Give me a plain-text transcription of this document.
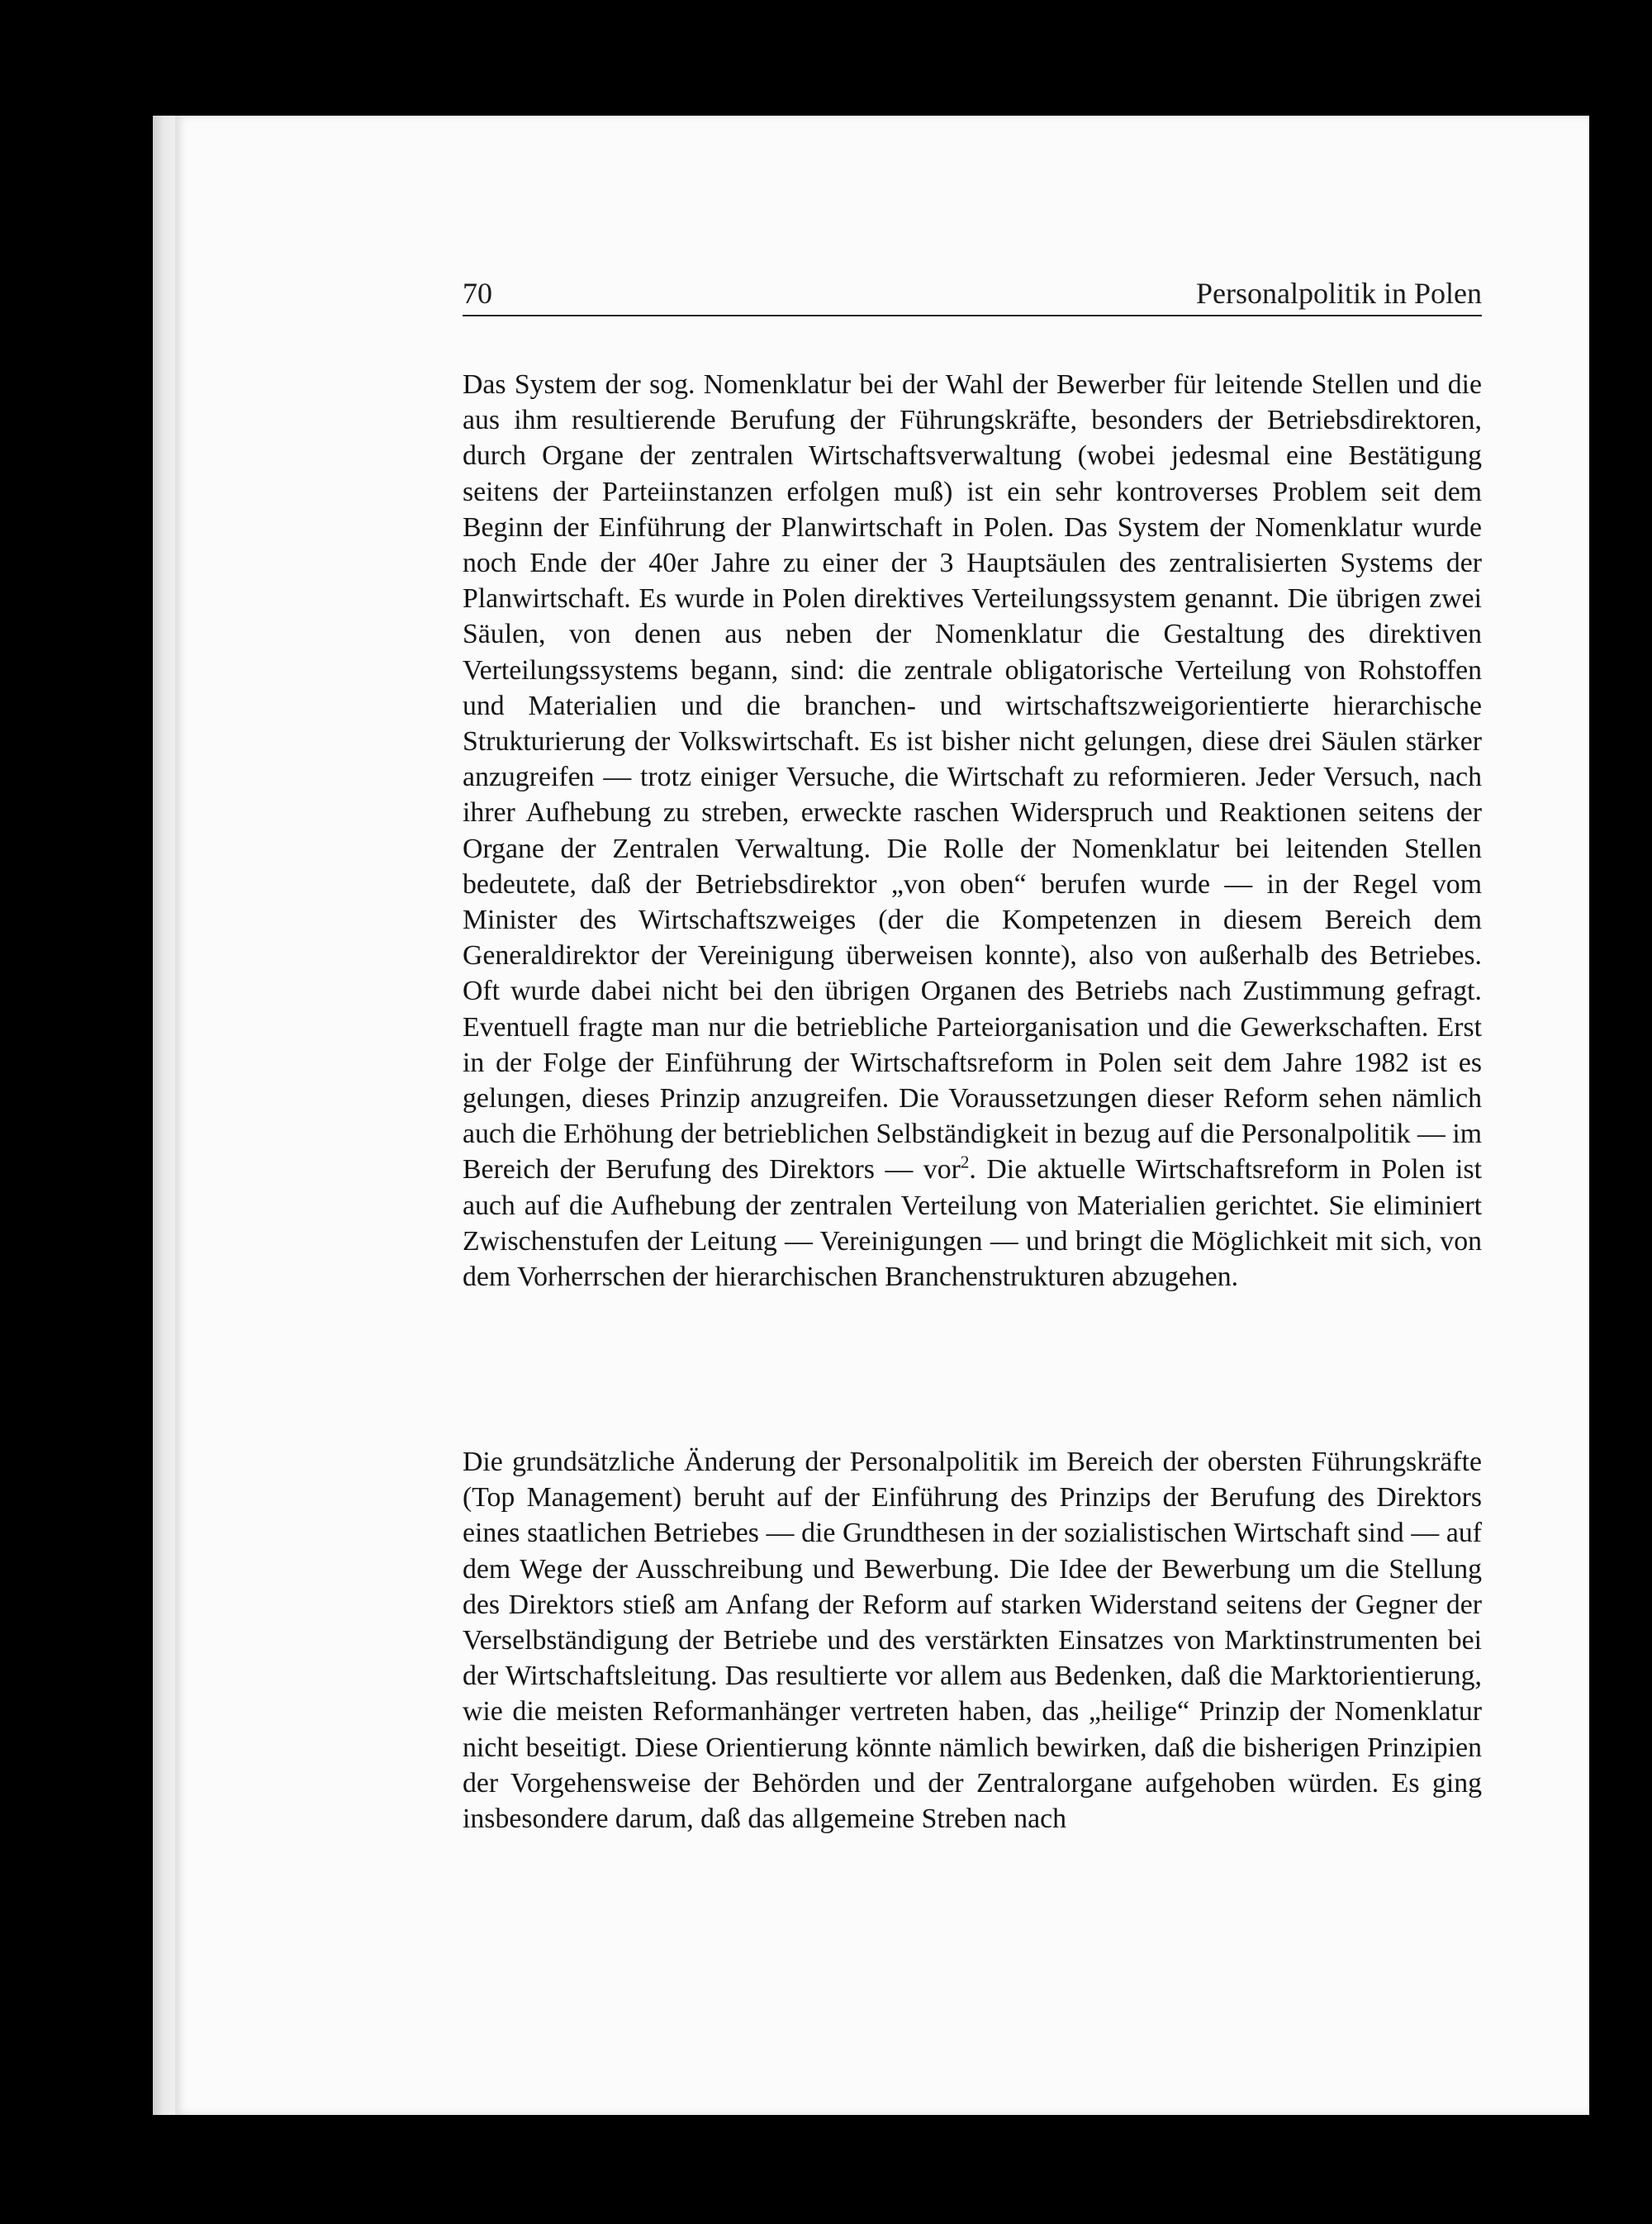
70	Personalpolitik in Polen

Das System der sog. Nomenklatur bei der Wahl der Bewerber für leitende Stellen und die aus ihm resultierende Berufung der Führungskräfte, besonders der Betriebsdirektoren, durch Organe der zentralen Wirtschaftsverwaltung (wobei jedesmal eine Bestätigung seitens der Parteiinstanzen erfolgen muß) ist ein sehr kontroverses Problem seit dem Beginn der Einführung der Planwirtschaft in Polen. Das System der Nomenklatur wurde noch Ende der 40er Jahre zu einer der 3 Hauptsäulen des zentralisierten Systems der Planwirtschaft. Es wurde in Polen direktives Verteilungssystem genannt. Die übrigen zwei Säulen, von denen aus neben der Nomenklatur die Gestaltung des direktiven Verteilungssystems begann, sind: die zentrale obligatorische Verteilung von Rohstoffen und Materialien und die branchen- und wirtschaftszweigorientierte hierarchische Strukturierung der Volkswirtschaft. Es ist bisher nicht gelungen, diese drei Säulen stärker anzugreifen — trotz einiger Versuche, die Wirtschaft zu reformieren. Jeder Versuch, nach ihrer Aufhebung zu streben, erweckte raschen Widerspruch und Reaktionen seitens der Organe der Zentralen Verwaltung. Die Rolle der Nomenklatur bei leitenden Stellen bedeutete, daß der Betriebsdirektor „von oben“ berufen wurde — in der Regel vom Minister des Wirtschaftszweiges (der die Kompetenzen in diesem Bereich dem Generaldirektor der Vereinigung überweisen konnte), also von außerhalb des Betriebes. Oft wurde dabei nicht bei den übrigen Organen des Betriebs nach Zustimmung gefragt. Eventuell fragte man nur die betriebliche Parteiorganisation und die Gewerkschaften. Erst in der Folge der Einführung der Wirtschaftsreform in Polen seit dem Jahre 1982 ist es gelungen, dieses Prinzip anzugreifen. Die Voraussetzungen dieser Reform sehen nämlich auch die Erhöhung der betrieblichen Selbständigkeit in bezug auf die Personalpolitik — im Bereich der Berufung des Direktors — vor$^2$. Die aktuelle Wirtschaftsreform in Polen ist auch auf die Aufhebung der zentralen Verteilung von Materialien gerichtet. Sie eliminiert Zwischenstufen der Leitung — Vereinigungen — und bringt die Möglichkeit mit sich, von dem Vorherrschen der hierarchischen Branchenstrukturen abzugehen.

Die grundsätzliche Änderung der Personalpolitik im Bereich der obersten Führungskräfte (Top Management) beruht auf der Einführung des Prinzips der Berufung des Direktors eines staatlichen Betriebes — die Grundthesen in der sozialistischen Wirtschaft sind — auf dem Wege der Ausschreibung und Bewerbung. Die Idee der Bewerbung um die Stellung des Direktors stieß am Anfang der Reform auf starken Widerstand seitens der Gegner der Verselbständigung der Betriebe und des verstärkten Einsatzes von Marktinstrumenten bei der Wirtschaftsleitung. Das resultierte vor allem aus Bedenken, daß die Marktorientierung, wie die meisten Reformanhänger vertreten haben, das „heilige“ Prinzip der Nomenklatur nicht beseitigt. Diese Orientierung könnte nämlich bewirken, daß die bisherigen Prinzipien der Vorgehensweise der Behörden und der Zentralorgane aufgehoben würden. Es ging insbesondere darum, daß das allgemeine Streben nach
